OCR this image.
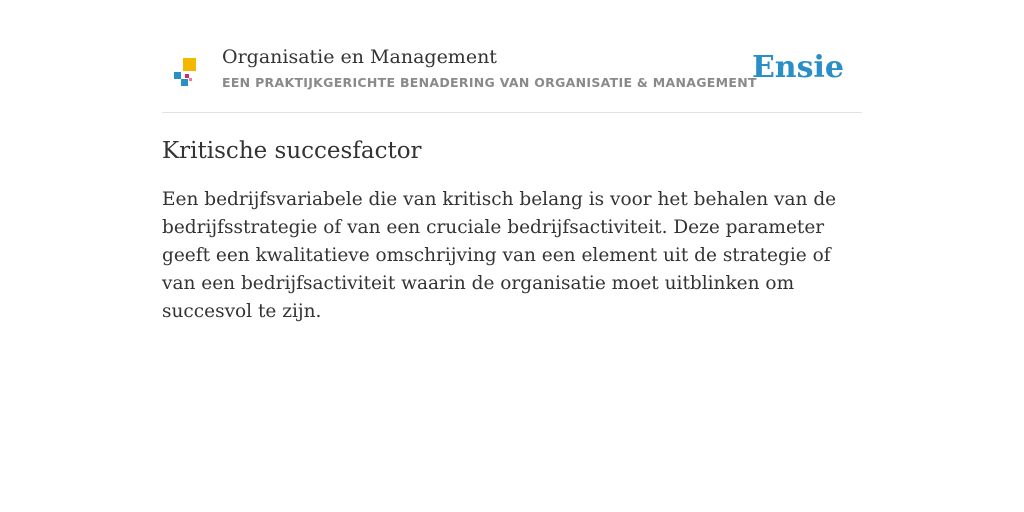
Organisatie en Management
EEN PRAKTIJKGERICHTE BENADERING VAN ORGANISATIE & MANAGEMENT
Ensie
Kritische succesfactor

Een bedrijfsvariabele die van kritisch belang is voor het behalen van de bedrijfsstrategie of van een cruciale bedrijfsactiviteit. Deze parameter geeft een kwalitatieve omschrijving van een element uit de strategie of van een bedrijfsactiviteit waarin de organisatie moet uitblinken om succesvol te zijn.
